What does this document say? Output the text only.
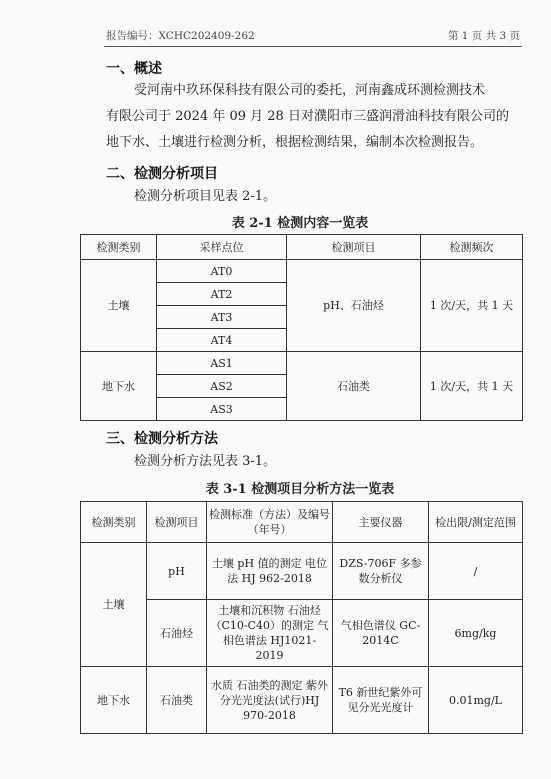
报告编号：XCHC202409-262	第 1 页 共 3 页
一、概述
受河南中玖环保科技有限公司的委托，河南鑫成环测检测技术
有限公司于 2024 年 09 月 28 日对濮阳市三盛润滑油科技有限公司的
地下水、土壤进行检测分析，根据检测结果，编制本次检测报告。
二、检测分析项目
检测分析项目见表 2-1。
表 2-1 检测内容一览表
检测类别	采样点位	检测项目	检测频次
土壤	AT0	pH、石油烃	1 次/天，共 1 天
	AT2		
	AT3		
	AT4		
地下水	AS1	石油类	1 次/天，共 1 天
	AS2		
	AS3		
三、检测分析方法
检测分析方法见表 3-1。
表 3-1 检测项目分析方法一览表
检测类别	检测项目	检测标准（方法）及编号（年号）	主要仪器	检出限/测定范围
土壤	pH	土壤 pH 值的测定 电位法 HJ 962-2018	DZS-706F 多参数分析仪	/
	石油烃	土壤和沉积物 石油烃（C10-C40）的测定 气相色谱法 HJ1021-2019	气相色谱仪 GC-2014C	6mg/kg
地下水	石油类	水质 石油类的测定 紫外分光光度法(试行)HJ 970-2018	T6 新世纪紫外可见分光光度计	0.01mg/L
